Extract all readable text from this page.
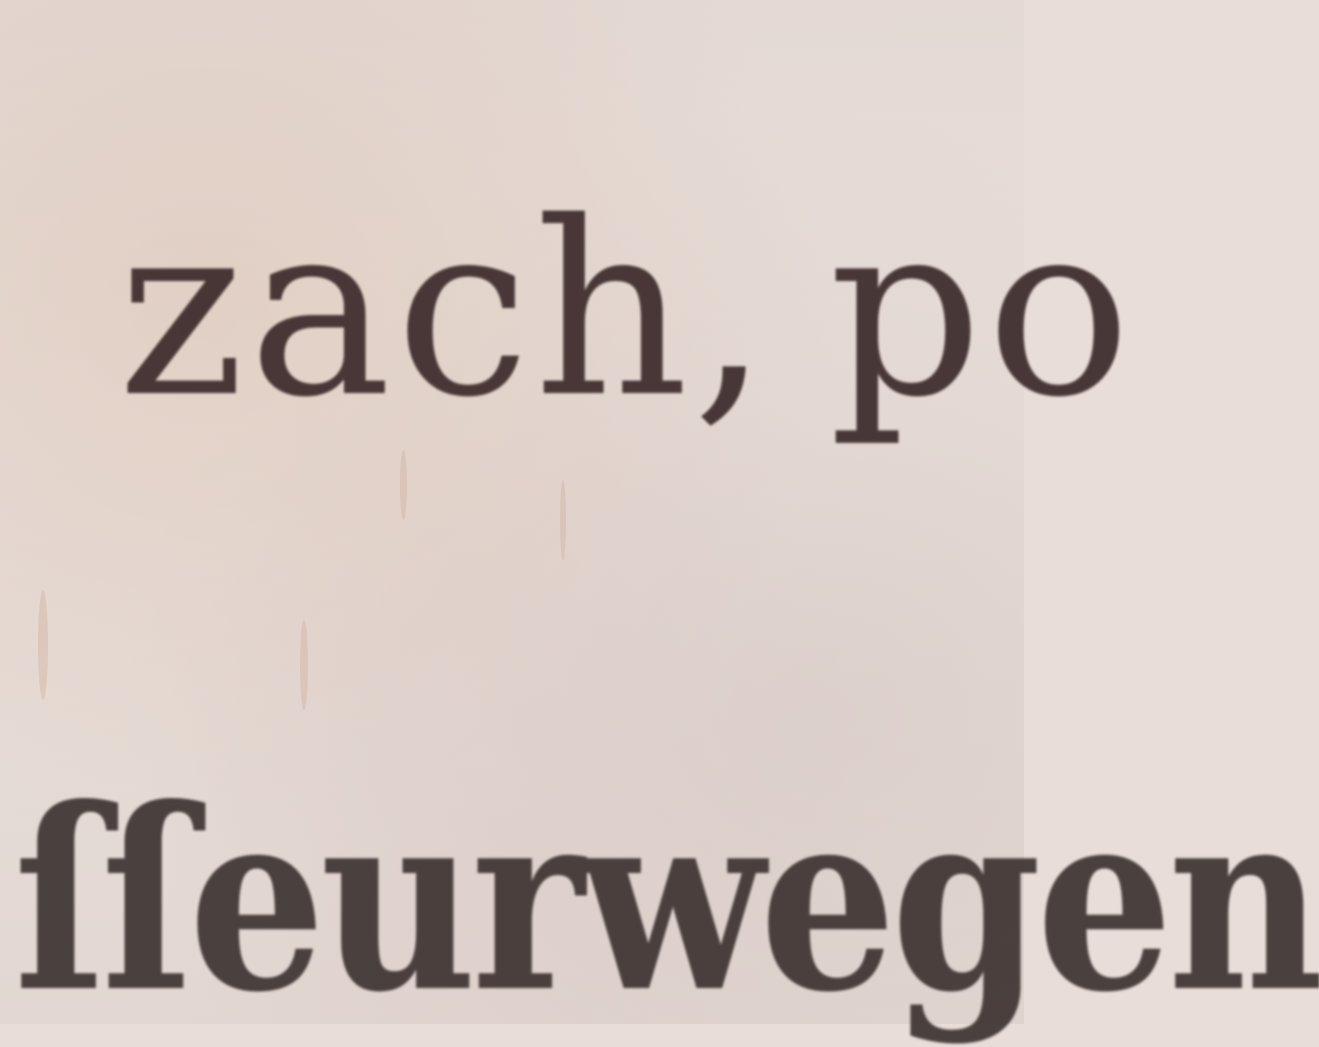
zach, po
ſſeurwegen
